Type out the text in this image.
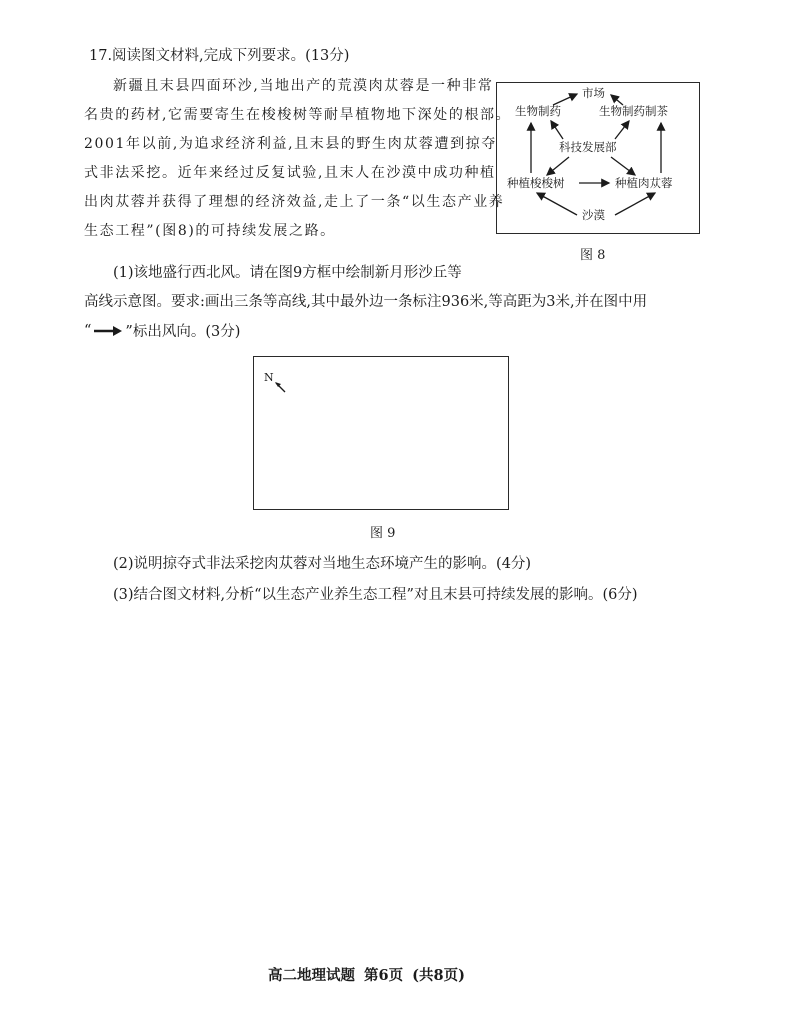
17.阅读图文材料,完成下列要求。(13分)
新疆且末县四面环沙,当地出产的荒漠肉苁蓉是一种非常
名贵的药材,它需要寄生在梭梭树等耐旱植物地下深处的根部。
2001年以前,为追求经济利益,且末县的野生肉苁蓉遭到掠夺
式非法采挖。近年来经过反复试验,且末人在沙漠中成功种植
出肉苁蓉并获得了理想的经济效益,走上了一条“以生态产业养
生态工程”(图8)的可持续发展之路。
市场
生物制药	生物制药制茶
科技发展部
种植梭梭树	种植肉苁蓉
沙漠
图 8
(1)该地盛行西北风。请在图9方框中绘制新月形沙丘等
高线示意图。要求:画出三条等高线,其中最外边一条标注936米,等高距为3米,并在图中用
“ ”标出风向。(3分)
N
图 9
(2)说明掠夺式非法采挖肉苁蓉对当地生态环境产生的影响。(4分)
(3)结合图文材料,分析“以生态产业养生态工程”对且末县可持续发展的影响。(6分)
高二地理试题 第6页 (共8页)
